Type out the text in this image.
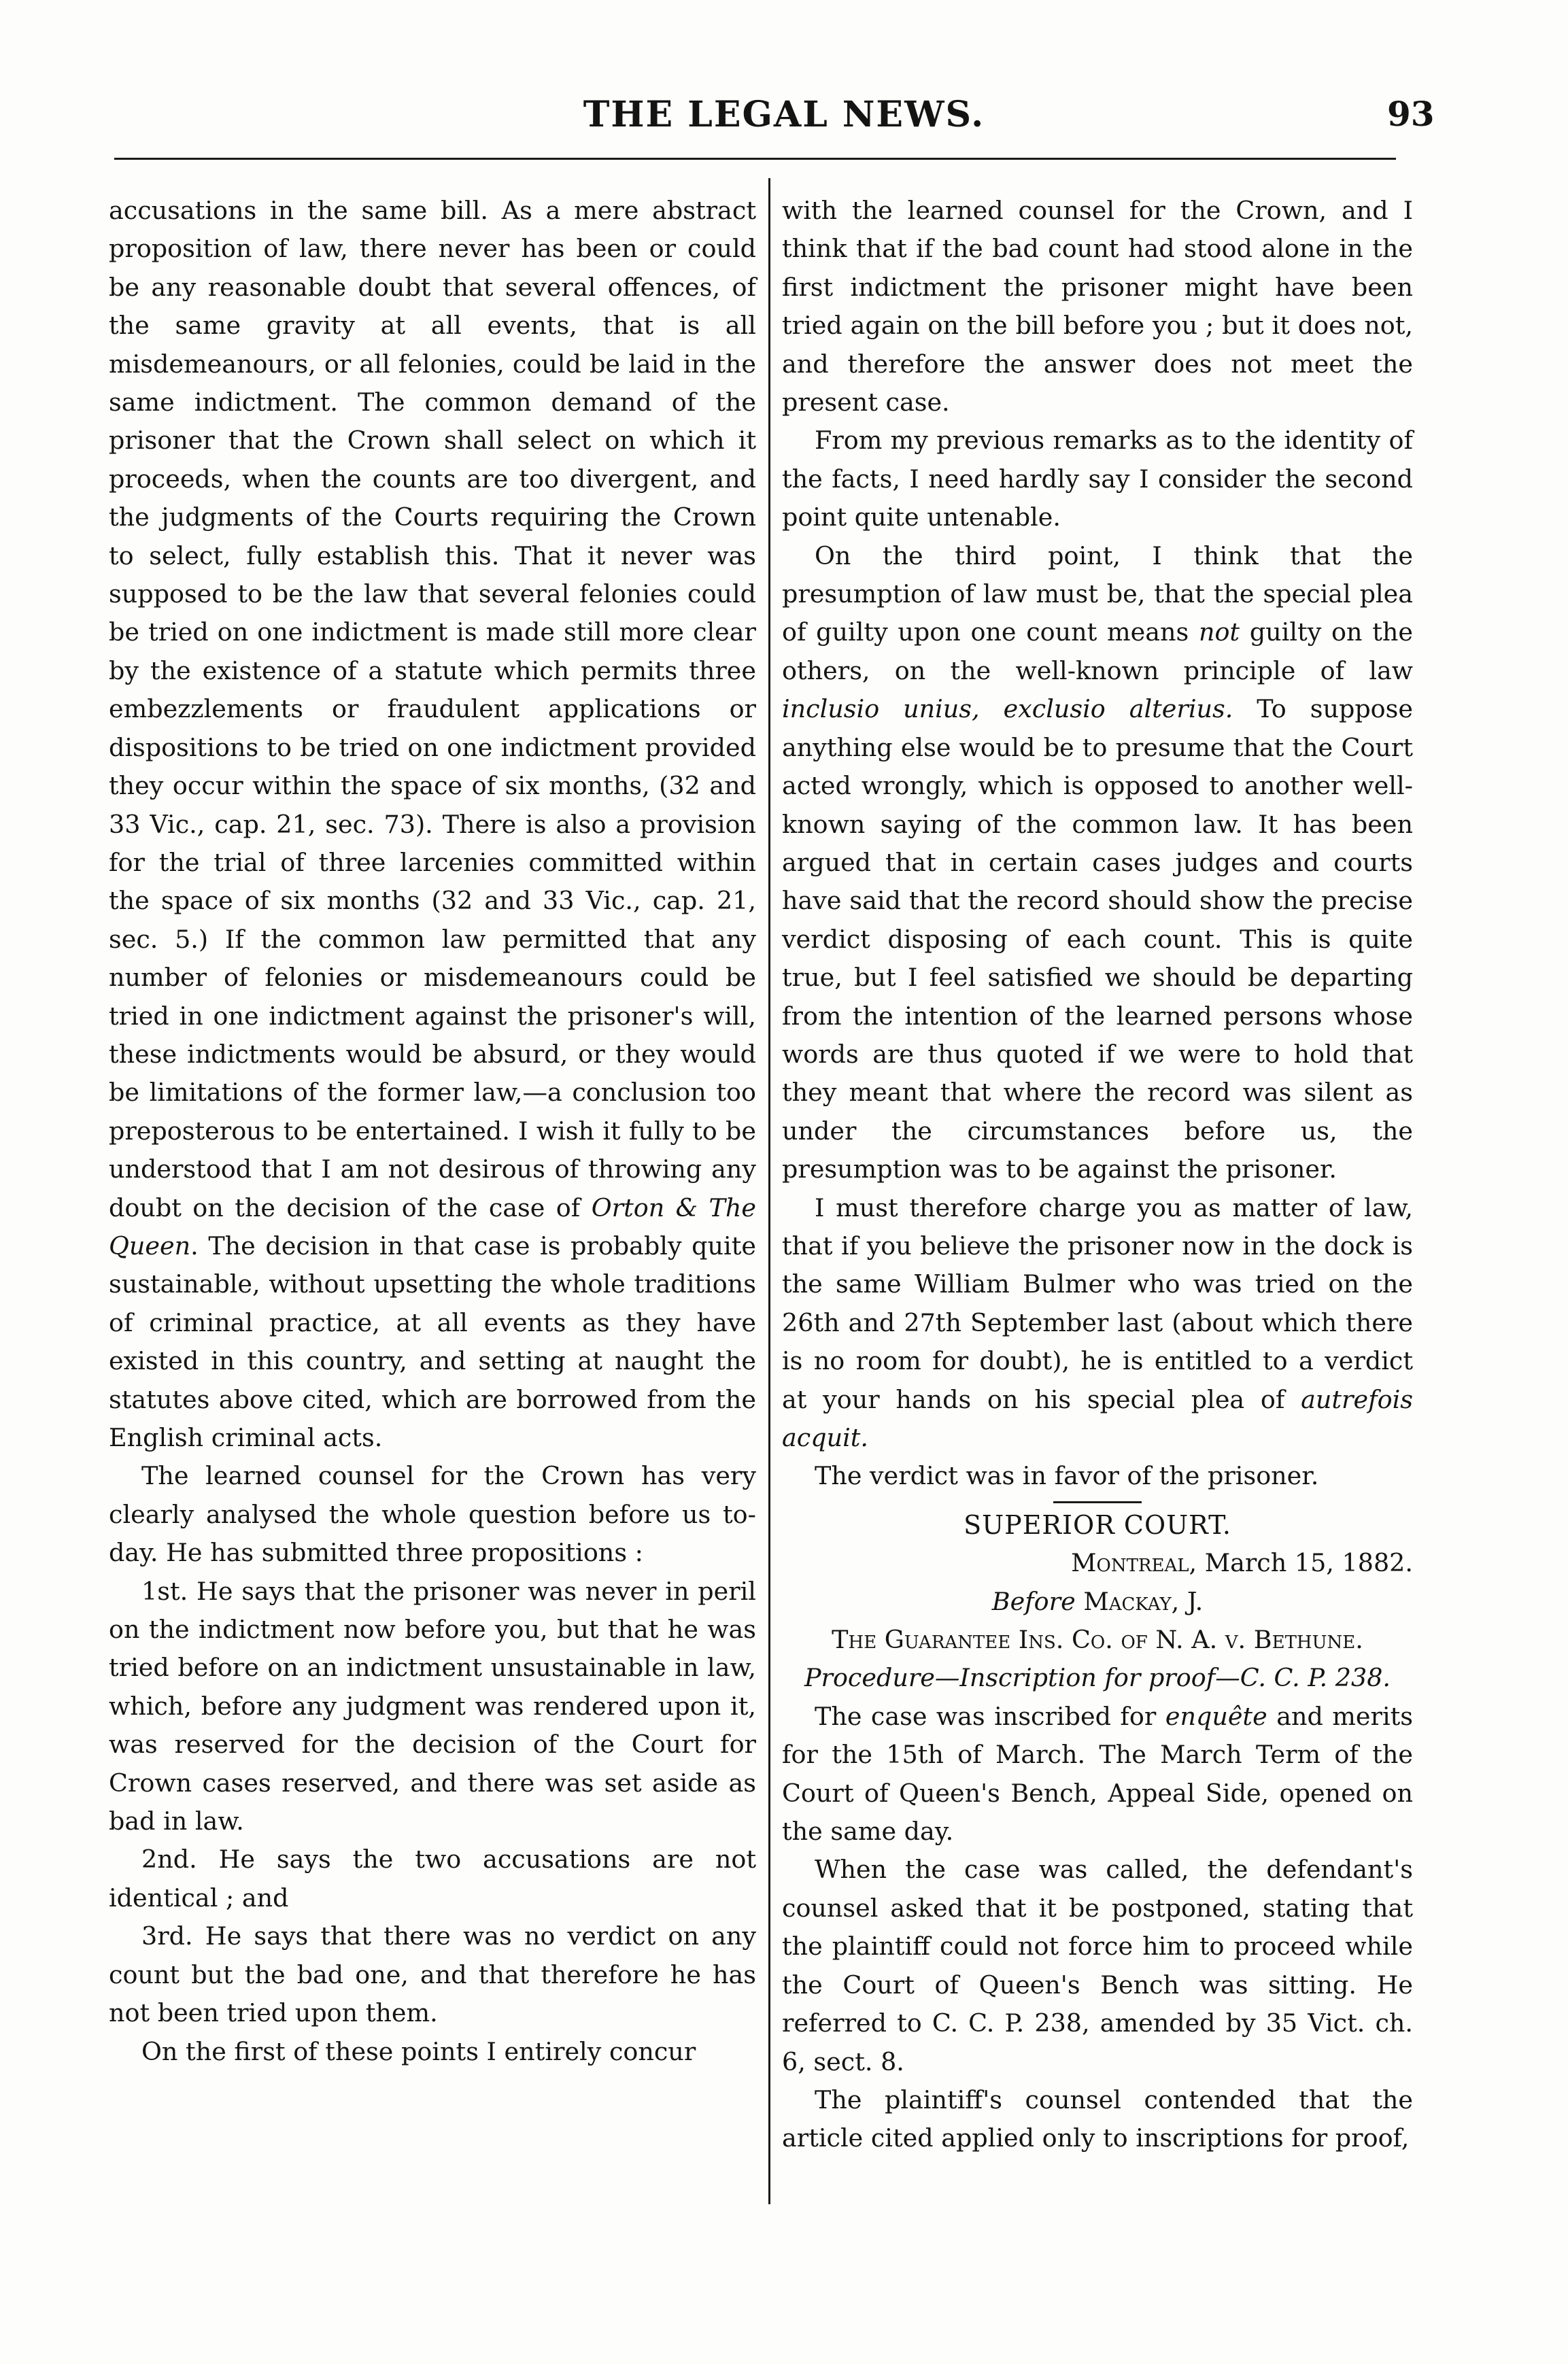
THE LEGAL NEWS.	93

accusations in the same bill. As a mere abstract proposition of law, there never has been or could be any reasonable doubt that several offences, of the same gravity at all events, that is all misdemeanours, or all felonies, could be laid in the same indictment. The common demand of the prisoner that the Crown shall select on which it proceeds, when the counts are too divergent, and the judgments of the Courts requiring the Crown to select, fully establish this. That it never was supposed to be the law that several felonies could be tried on one indictment is made still more clear by the existence of a statute which permits three embezzlements or fraudulent applications or dispositions to be tried on one indictment provided they occur within the space of six months, (32 and 33 Vic., cap. 21, sec. 73). There is also a provision for the trial of three larcenies committed within the space of six months (32 and 33 Vic., cap. 21, sec. 5.) If the common law permitted that any number of felonies or misdemeanours could be tried in one indictment against the prisoner's will, these indictments would be absurd, or they would be limitations of the former law,—a conclusion too preposterous to be entertained. I wish it fully to be understood that I am not desirous of throwing any doubt on the decision of the case of Orton & The Queen. The decision in that case is probably quite sustainable, without upsetting the whole traditions of criminal practice, at all events as they have existed in this country, and setting at naught the statutes above cited, which are borrowed from the English criminal acts.

The learned counsel for the Crown has very clearly analysed the whole question before us to-day. He has submitted three propositions :

1st. He says that the prisoner was never in peril on the indictment now before you, but that he was tried before on an indictment unsustainable in law, which, before any judgment was rendered upon it, was reserved for the decision of the Court for Crown cases reserved, and there was set aside as bad in law.

2nd. He says the two accusations are not identical ; and

3rd. He says that there was no verdict on any count but the bad one, and that therefore he has not been tried upon them.

On the first of these points I entirely concur

with the learned counsel for the Crown, and I think that if the bad count had stood alone in the first indictment the prisoner might have been tried again on the bill before you ; but it does not, and therefore the answer does not meet the present case.

From my previous remarks as to the identity of the facts, I need hardly say I consider the second point quite untenable.

On the third point, I think that the presumption of law must be, that the special plea of guilty upon one count means not guilty on the others, on the well-known principle of law inclusio unius, exclusio alterius. To suppose anything else would be to presume that the Court acted wrongly, which is opposed to another well-known saying of the common law. It has been argued that in certain cases judges and courts have said that the record should show the precise verdict disposing of each count. This is quite true, but I feel satisfied we should be departing from the intention of the learned persons whose words are thus quoted if we were to hold that they meant that where the record was silent as under the circumstances before us, the presumption was to be against the prisoner.

I must therefore charge you as matter of law, that if you believe the prisoner now in the dock is the same William Bulmer who was tried on the 26th and 27th September last (about which there is no room for doubt), he is entitled to a verdict at your hands on his special plea of autrefois acquit.

The verdict was in favor of the prisoner.

SUPERIOR COURT.

Montreal, March 15, 1882.

Before Mackay, J.

The Guarantee Ins. Co. of N. A. v. Bethune.

Procedure—Inscription for proof—C. C. P. 238.

The case was inscribed for enquête and merits for the 15th of March. The March Term of the Court of Queen's Bench, Appeal Side, opened on the same day.

When the case was called, the defendant's counsel asked that it be postponed, stating that the plaintiff could not force him to proceed while the Court of Queen's Bench was sitting. He referred to C. C. P. 238, amended by 35 Vict. ch. 6, sect. 8.

The plaintiff's counsel contended that the article cited applied only to inscriptions for proof,
